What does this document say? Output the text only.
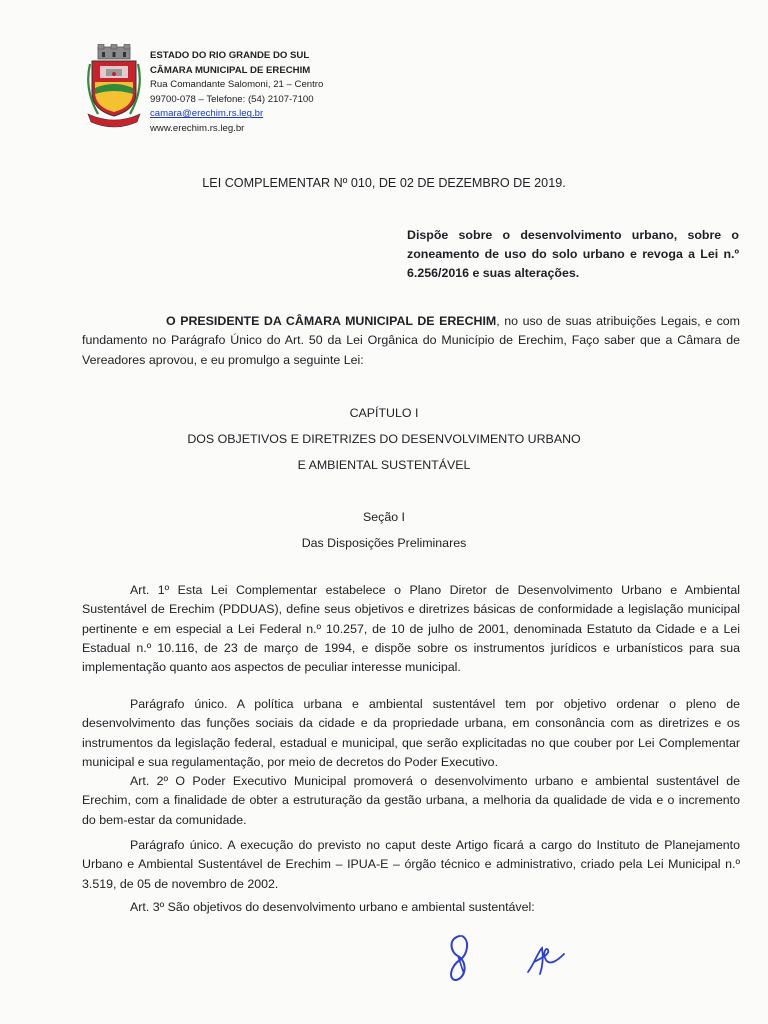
ESTADO DO RIO GRANDE DO SUL
CÂMARA MUNICIPAL DE ERECHIM
Rua Comandante Salomoni, 21 – Centro
99700-078 – Telefone: (54) 2107-7100
camara@erechim.rs.leg.br
www.erechim.rs.leg.br
LEI COMPLEMENTAR Nº 010, DE 02 DE DEZEMBRO DE 2019.
Dispõe sobre o desenvolvimento urbano, sobre o zoneamento de uso do solo urbano e revoga a Lei n.º 6.256/2016 e suas alterações.
O PRESIDENTE DA CÂMARA MUNICIPAL DE ERECHIM, no uso de suas atribuições Legais, e com fundamento no Parágrafo Único do Art. 50 da Lei Orgânica do Município de Erechim, Faço saber que a Câmara de Vereadores aprovou, e eu promulgo a seguinte Lei:
CAPÍTULO I
DOS OBJETIVOS E DIRETRIZES DO DESENVOLVIMENTO URBANO
E AMBIENTAL SUSTENTÁVEL
Seção I
Das Disposições Preliminares
Art. 1º Esta Lei Complementar estabelece o Plano Diretor de Desenvolvimento Urbano e Ambiental Sustentável de Erechim (PDDUAS), define seus objetivos e diretrizes básicas de conformidade a legislação municipal pertinente e em especial a Lei Federal n.º 10.257, de 10 de julho de 2001, denominada Estatuto da Cidade e a Lei Estadual n.º 10.116, de 23 de março de 1994, e dispõe sobre os instrumentos jurídicos e urbanísticos para sua implementação quanto aos aspectos de peculiar interesse municipal.
Parágrafo único. A política urbana e ambiental sustentável tem por objetivo ordenar o pleno de desenvolvimento das funções sociais da cidade e da propriedade urbana, em consonância com as diretrizes e os instrumentos da legislação federal, estadual e municipal, que serão explicitadas no que couber por Lei Complementar municipal e sua regulamentação, por meio de decretos do Poder Executivo.
Art. 2º O Poder Executivo Municipal promoverá o desenvolvimento urbano e ambiental sustentável de Erechim, com a finalidade de obter a estruturação da gestão urbana, a melhoria da qualidade de vida e o incremento do bem-estar da comunidade.
Parágrafo único. A execução do previsto no caput deste Artigo ficará a cargo do Instituto de Planejamento Urbano e Ambiental Sustentável de Erechim – IPUA-E – órgão técnico e administrativo, criado pela Lei Municipal n.º 3.519, de 05 de novembro de 2002.
Art. 3º São objetivos do desenvolvimento urbano e ambiental sustentável:
